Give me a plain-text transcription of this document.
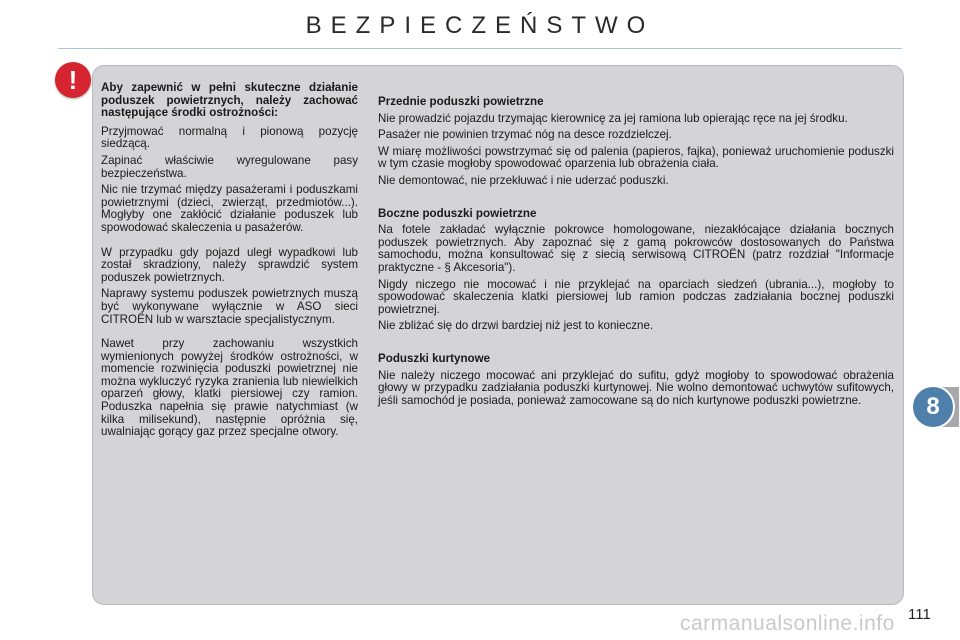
BEZPIECZEŃSTWO
!	Aby zapewnić w pełni skuteczne działanie poduszek powietrznych, należy zachować następujące środki ostrożności:

Przyjmować normalną i pionową pozycję siedzącą.

Zapinać właściwie wyregulowane pasy bezpieczeństwa.

Nic nie trzymać między pasażerami i poduszkami powietrznymi (dzieci, zwierząt, przedmiotów...). Mogłyby one zakłócić działanie poduszek lub spowodować skaleczenia u pasażerów.

W przypadku gdy pojazd uległ wypadkowi lub został skradziony, należy sprawdzić system poduszek powietrznych.

Naprawy systemu poduszek powietrznych muszą być wykonywane wyłącznie w ASO sieci CITROËN lub w warsztacie specjalistycznym.

Nawet przy zachowaniu wszystkich wymienionych powyżej środków ostrożności, w momencie rozwinięcia poduszki powietrznej nie można wykluczyć ryzyka zranienia lub niewielkich oparzeń głowy, klatki piersiowej czy ramion. Poduszka napełnia się prawie natychmiast (w kilka milisekund), następnie opróżnia się, uwalniając gorący gaz przez specjalne otwory.

Przednie poduszki powietrzne

Nie prowadzić pojazdu trzymając kierownicę za jej ramiona lub opierając ręce na jej środku.

Pasażer nie powinien trzymać nóg na desce rozdzielczej.

W miarę możliwości powstrzymać się od palenia (papieros, fajka), ponieważ uruchomienie poduszki w tym czasie mogłoby spowodować oparzenia lub obrażenia ciała.

Nie demontować, nie przekłuwać i nie uderzać poduszki.

Boczne poduszki powietrzne

Na fotele zakładać wyłącznie pokrowce homologowane, niezakłócające działania bocznych poduszek powietrznych. Aby zapoznać się z gamą pokrowców dostosowanych do Państwa samochodu, można konsultować się z siecią serwisową CITROËN (patrz rozdział "Informacje praktyczne - § Akcesoria").

Nigdy niczego nie mocować i nie przyklejać na oparciach siedzeń (ubrania...), mogłoby to spowodować skaleczenia klatki piersiowej lub ramion podczas zadziałania bocznej poduszki powietrznej.

Nie zbliżać się do drzwi bardziej niż jest to konieczne.

Poduszki kurtynowe

Nie należy niczego mocować ani przyklejać do sufitu, gdyż mogłoby to spowodować obrażenia głowy w przypadku zadziałania poduszki kurtynowej. Nie wolno demontować uchwytów sufitowych, jeśli samochód je posiada, ponieważ zamocowane są do nich kurtynowe poduszki powietrzne.	8
carmanualsonline.info 111
